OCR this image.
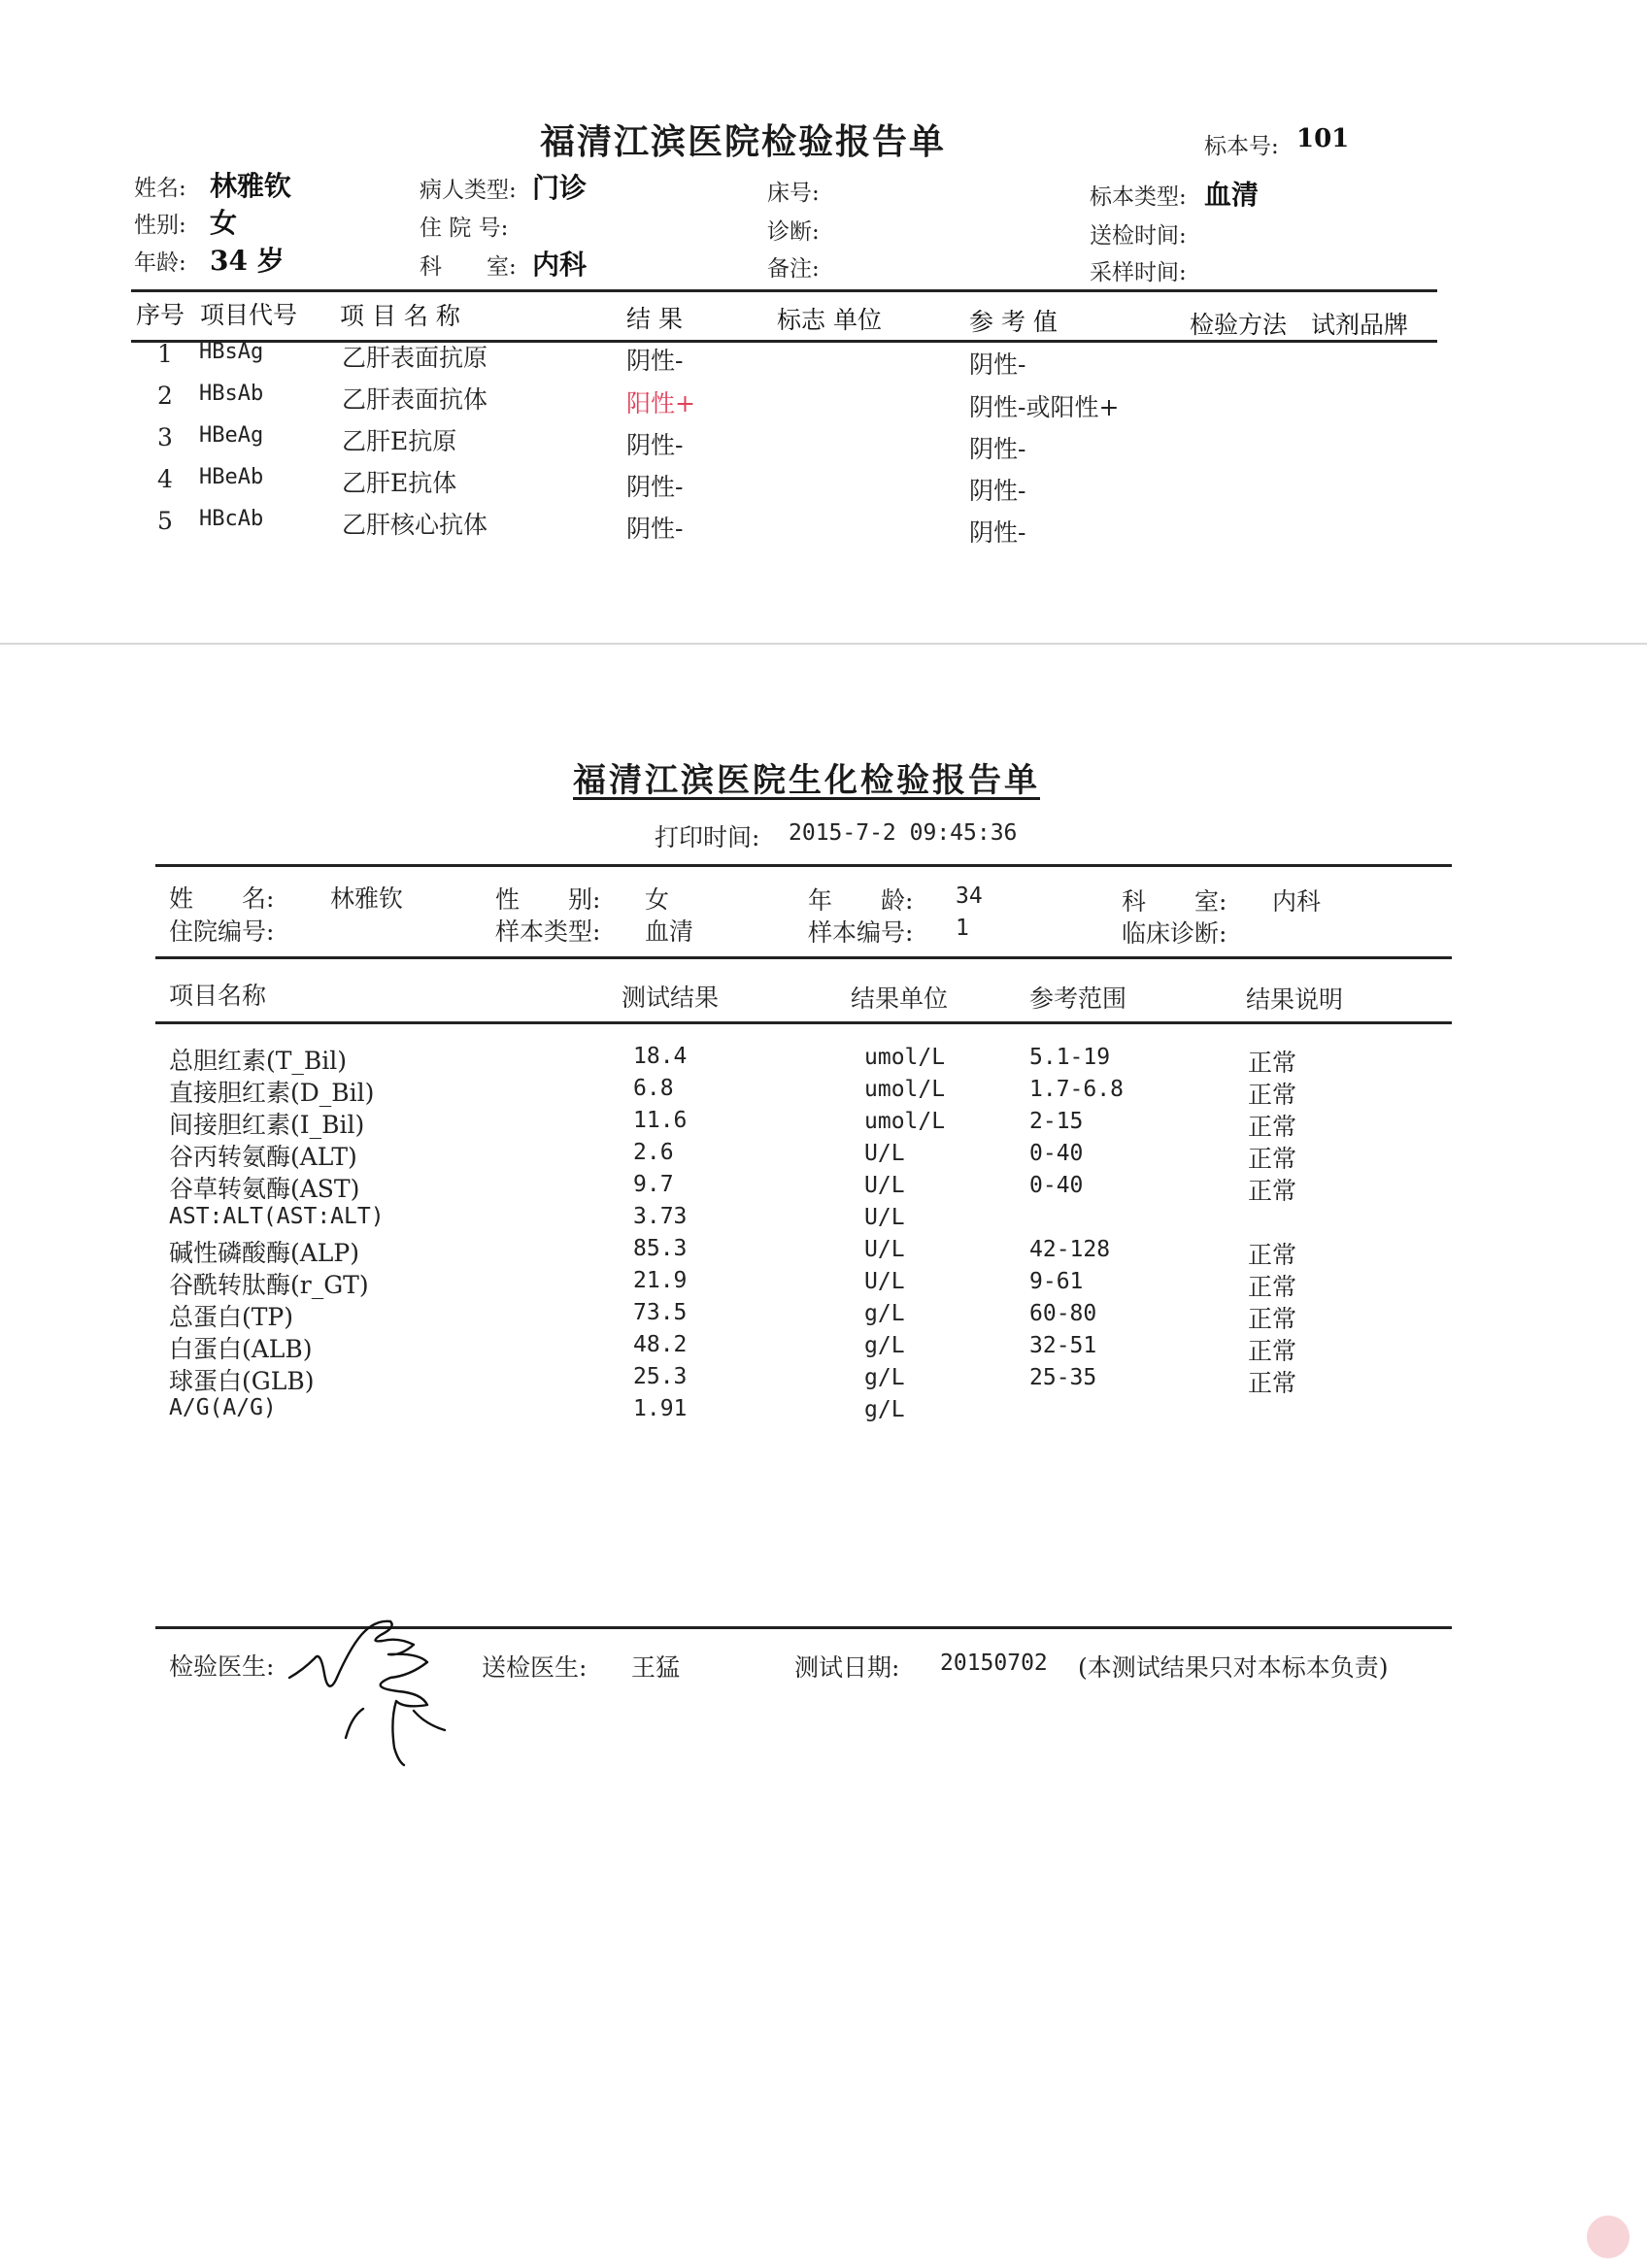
福清江滨医院检验报告单	标本号: 101
姓名: 林雅钦
性别: 女
年龄: 34 岁
病人类型: 门诊
住 院 号:
科　　室: 内科
床号:
诊断:
备注:
标本类型: 血清
送检时间:
采样时间:
序号 项目代号 项 目 名 称	结 果	标志 单位	参 考 值	检验方法 试剂品牌
1 HBsAg	乙肝表面抗原	阴性-	阴性-
2 HBsAb	乙肝表面抗体	阳性+	阴性-或阳性+
3 HBeAg	乙肝E抗原	阴性-	阴性-
4 HBeAb	乙肝E抗体	阴性-	阴性-
5 HBcAb	乙肝核心抗体	阴性-	阴性-
福清江滨医院生化检验报告单
打印时间: 2015-7-2 09:45:36
姓　　名: 林雅钦	性　　别: 女	年　　龄: 34	科　　室: 内科
住院编号:	样本类型: 血清	样本编号: 1	临床诊断:
项目名称	测试结果	结果单位	参考范围	结果说明
总胆红素(T_Bil)	18.4	umol/L	5.1-19	正常
直接胆红素(D_Bil)	6.8	umol/L	1.7-6.8	正常
间接胆红素(I_Bil)	11.6	umol/L	2-15	正常
谷丙转氨酶(ALT)	2.6	U/L	0-40	正常
谷草转氨酶(AST)	9.7	U/L	0-40	正常
AST:ALT(AST:ALT)	3.73	U/L
碱性磷酸酶(ALP)	85.3	U/L	42-128	正常
谷酰转肽酶(r_GT)	21.9	U/L	9-61	正常
总蛋白(TP)	73.5	g/L	60-80	正常
白蛋白(ALB)	48.2	g/L	32-51	正常
球蛋白(GLB)	25.3	g/L	25-35	正常
A/G(A/G)	1.91	g/L
检验医生:	送检医生: 王猛	测试日期: 20150702 (本测试结果只对本标本负责)
